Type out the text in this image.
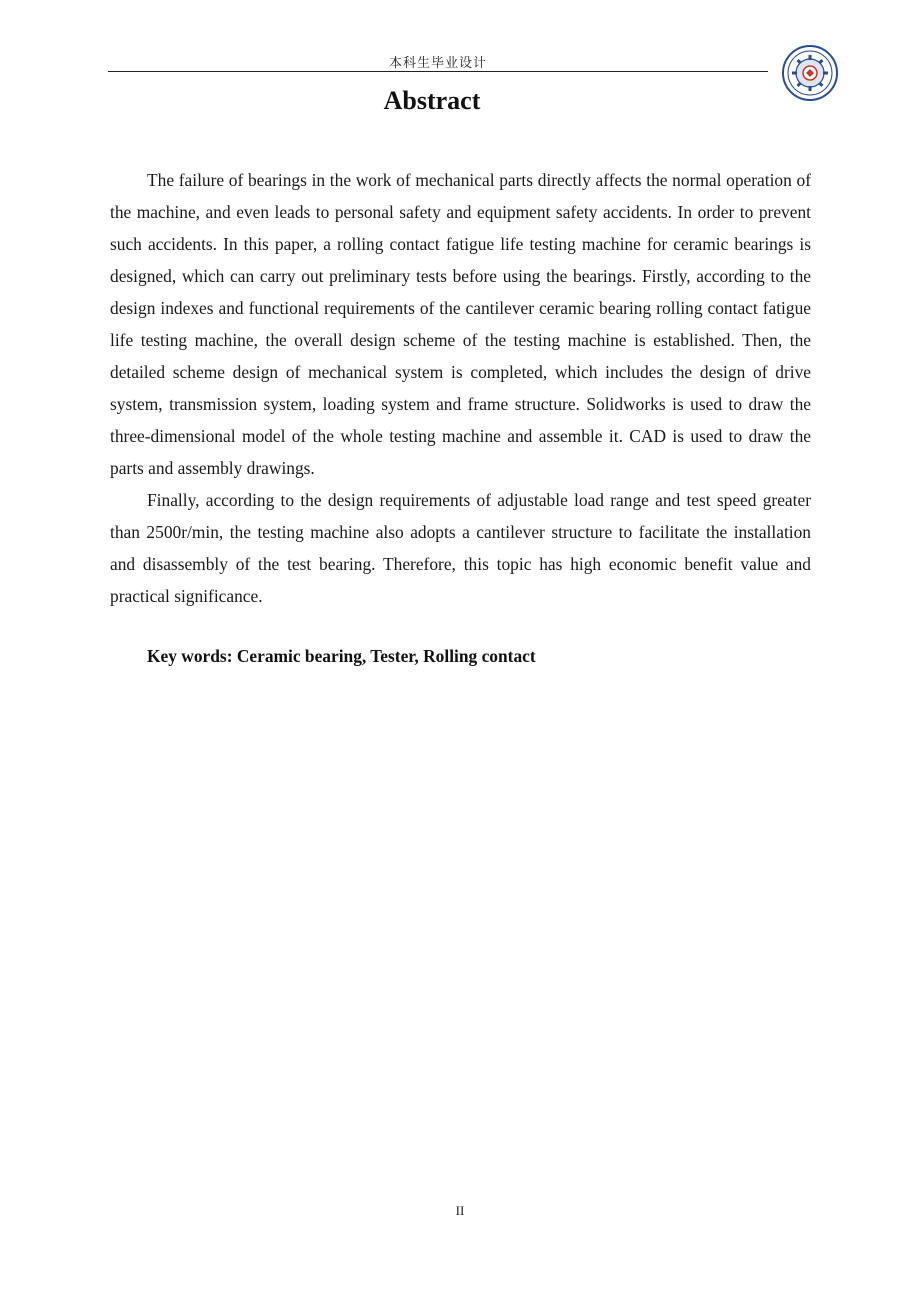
本科生毕业设计
Abstract

The failure of bearings in the work of mechanical parts directly affects the normal operation of the machine, and even leads to personal safety and equipment safety accidents. In order to prevent such accidents. In this paper, a rolling contact fatigue life testing machine for ceramic bearings is designed, which can carry out preliminary tests before using the bearings. Firstly, according to the design indexes and functional requirements of the cantilever ceramic bearing rolling contact fatigue life testing machine, the overall design scheme of the testing machine is established. Then, the detailed scheme design of mechanical system is completed, which includes the design of drive system, transmission system, loading system and frame structure. Solidworks is used to draw the three-dimensional model of the whole testing machine and assemble it. CAD is used to draw the parts and assembly drawings.

Finally, according to the design requirements of adjustable load range and test speed greater than 2500r/min, the testing machine also adopts a cantilever structure to facilitate the installation and disassembly of the test bearing. Therefore, this topic has high economic benefit value and practical significance.

Key words: Ceramic bearing, Tester, Rolling contact
II
